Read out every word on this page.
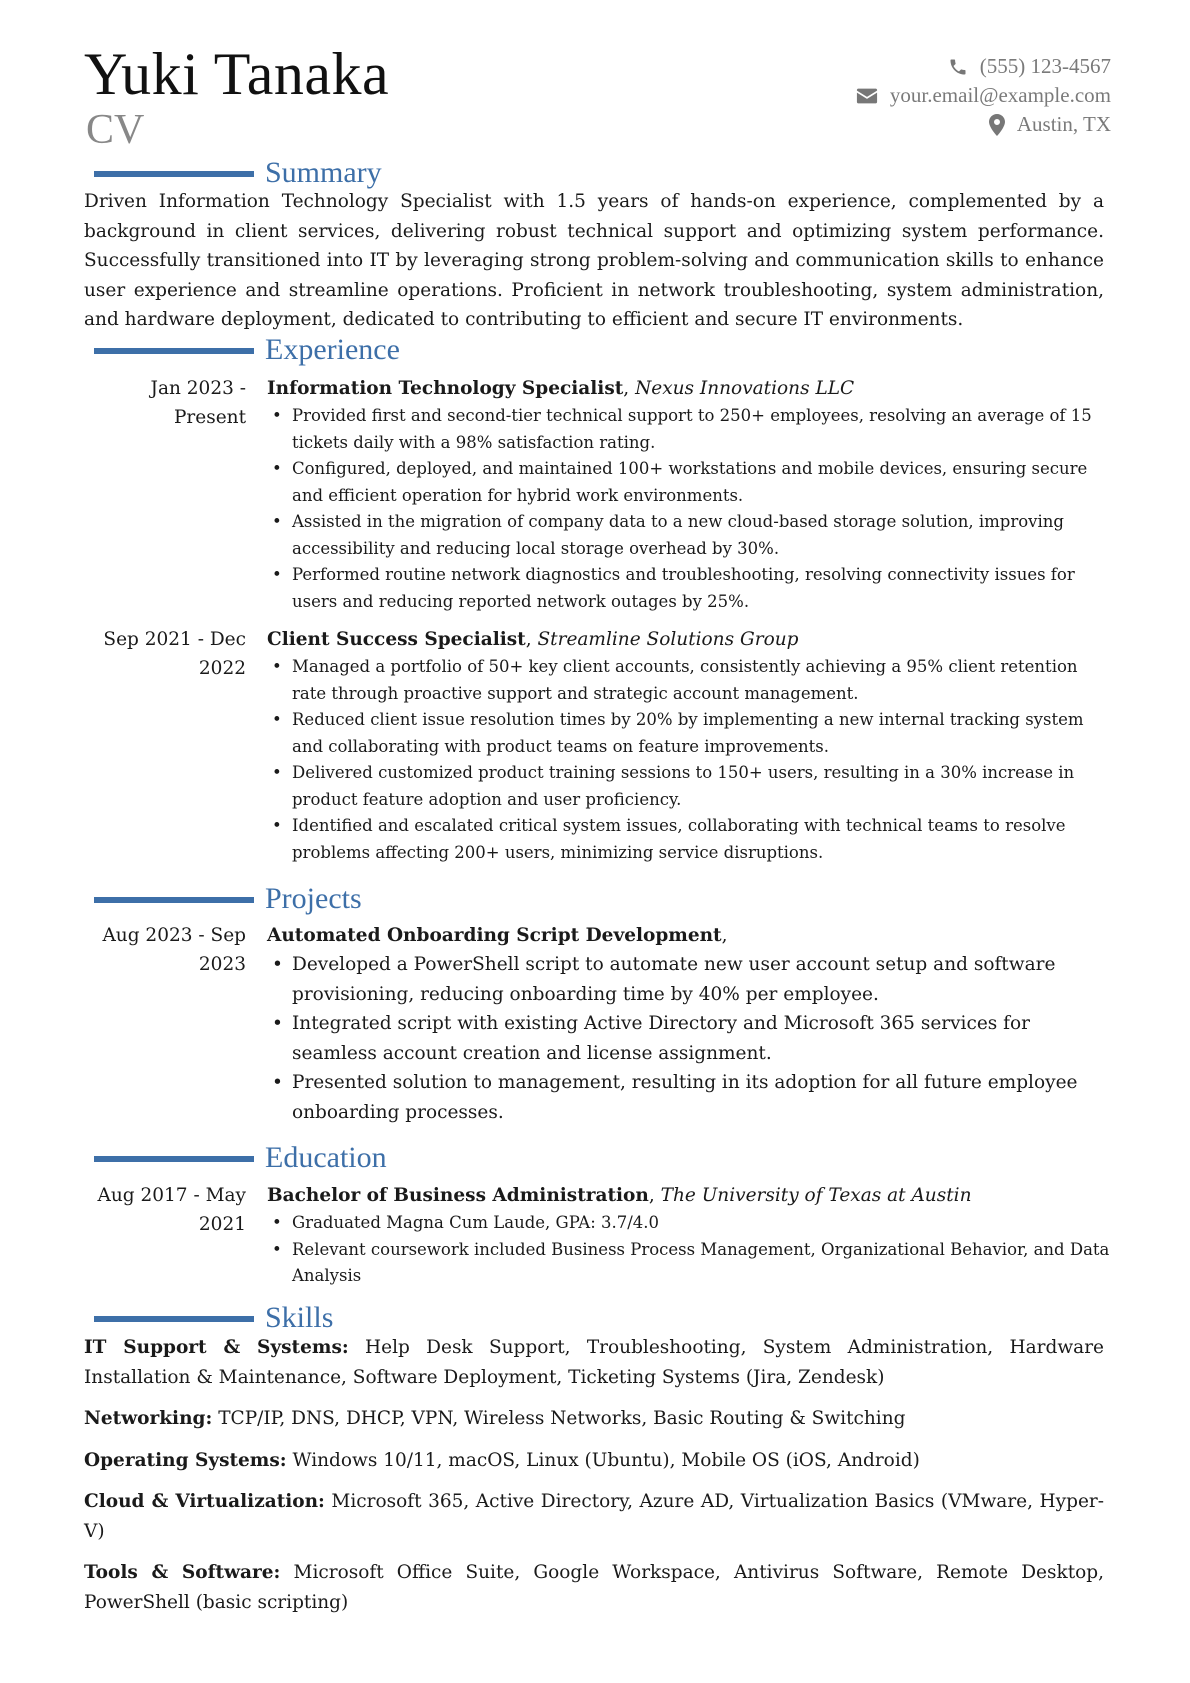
Yuki Tanaka
CV
(555) 123-4567
your.email@example.com
Austin, TX
Summary
Driven Information Technology Specialist with 1.5 years of hands-on experience, complemented by a background in client services, delivering robust technical support and optimizing system performance. Successfully transitioned into IT by leveraging strong problem-solving and communication skills to enhance user experience and streamline operations. Proficient in network troubleshooting, system administration, and hardware deployment, dedicated to contributing to efficient and secure IT environments.
Experience
Jan 2023 - Present
Information Technology Specialist, Nexus Innovations LLC
• Provided first and second-tier technical support to 250+ employees, resolving an average of 15 tickets daily with a 98% satisfaction rating.
• Configured, deployed, and maintained 100+ workstations and mobile devices, ensuring secure and efficient operation for hybrid work environments.
• Assisted in the migration of company data to a new cloud-based storage solution, improving accessibility and reducing local storage overhead by 30%.
• Performed routine network diagnostics and troubleshooting, resolving connectivity issues for users and reducing reported network outages by 25%.
Sep 2021 - Dec 2022
Client Success Specialist, Streamline Solutions Group
• Managed a portfolio of 50+ key client accounts, consistently achieving a 95% client retention rate through proactive support and strategic account management.
• Reduced client issue resolution times by 20% by implementing a new internal tracking system and collaborating with product teams on feature improvements.
• Delivered customized product training sessions to 150+ users, resulting in a 30% increase in product feature adoption and user proficiency.
• Identified and escalated critical system issues, collaborating with technical teams to resolve problems affecting 200+ users, minimizing service disruptions.
Projects
Aug 2023 - Sep 2023
Automated Onboarding Script Development,
• Developed a PowerShell script to automate new user account setup and software provisioning, reducing onboarding time by 40% per employee.
• Integrated script with existing Active Directory and Microsoft 365 services for seamless account creation and license assignment.
• Presented solution to management, resulting in its adoption for all future employee onboarding processes.
Education
Aug 2017 - May 2021
Bachelor of Business Administration, The University of Texas at Austin
• Graduated Magna Cum Laude, GPA: 3.7/4.0
• Relevant coursework included Business Process Management, Organizational Behavior, and Data Analysis
Skills
IT Support & Systems: Help Desk Support, Troubleshooting, System Administration, Hardware Installation & Maintenance, Software Deployment, Ticketing Systems (Jira, Zendesk)
Networking: TCP/IP, DNS, DHCP, VPN, Wireless Networks, Basic Routing & Switching
Operating Systems: Windows 10/11, macOS, Linux (Ubuntu), Mobile OS (iOS, Android)
Cloud & Virtualization: Microsoft 365, Active Directory, Azure AD, Virtualization Basics (VMware, Hyper-V)
Tools & Software: Microsoft Office Suite, Google Workspace, Antivirus Software, Remote Desktop, PowerShell (basic scripting)
